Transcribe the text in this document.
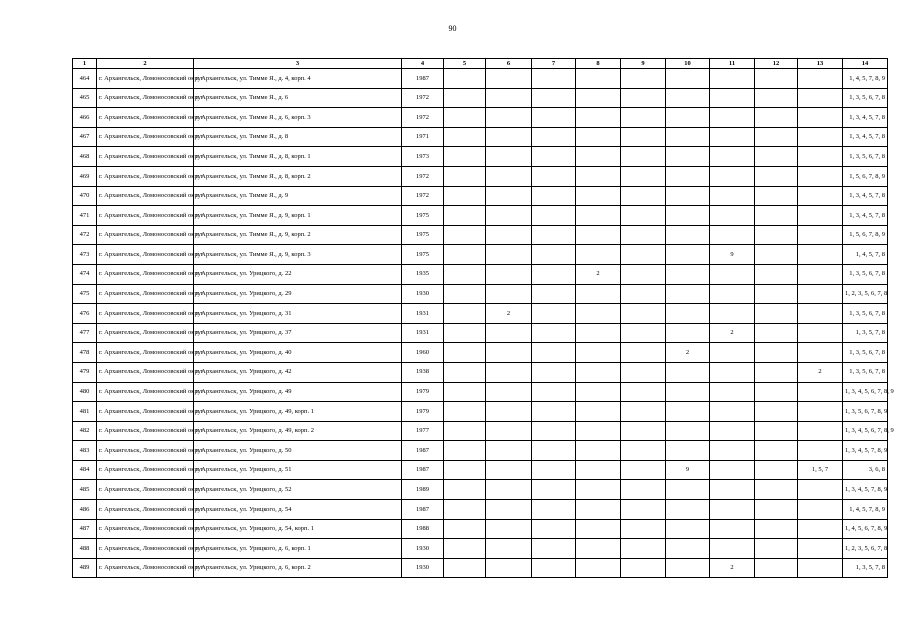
90
1	2	3	4	5	6	7	8	9	10	11	12	13	14
464	г. Архангельск, Ломоносовский округ	г. Архангельск, ул. Тимме Я., д. 4, корп. 4	1987										1, 4, 5, 7, 8, 9
465	г. Архангельск, Ломоносовский округ	г. Архангельск, ул. Тимме Я., д. 6	1972										1, 3, 5, 6, 7, 8
466	г. Архангельск, Ломоносовский округ	г. Архангельск, ул. Тимме Я., д. 6, корп. 3	1972										1, 3, 4, 5, 7, 8
467	г. Архангельск, Ломоносовский округ	г. Архангельск, ул. Тимме Я., д. 8	1971										1, 3, 4, 5, 7, 8
468	г. Архангельск, Ломоносовский округ	г. Архангельск, ул. Тимме Я., д. 8, корп. 1	1973										1, 3, 5, 6, 7, 8
469	г. Архангельск, Ломоносовский округ	г. Архангельск, ул. Тимме Я., д. 8, корп. 2	1972										1, 5, 6, 7, 8, 9
470	г. Архангельск, Ломоносовский округ	г. Архангельск, ул. Тимме Я., д. 9	1972										1, 3, 4, 5, 7, 8
471	г. Архангельск, Ломоносовский округ	г. Архангельск, ул. Тимме Я., д. 9, корп. 1	1975										1, 3, 4, 5, 7, 8
472	г. Архангельск, Ломоносовский округ	г. Архангельск, ул. Тимме Я., д. 9, корп. 2	1975										1, 5, 6, 7, 8, 9
473	г. Архангельск, Ломоносовский округ	г. Архангельск, ул. Тимме Я., д. 9, корп. 3	1975							9			1, 4, 5, 7, 8
474	г. Архангельск, Ломоносовский округ	г. Архангельск, ул. Урицкого, д. 22	1935				2						1, 3, 5, 6, 7, 8
475	г. Архангельск, Ломоносовский округ	г. Архангельск, ул. Урицкого, д. 29	1930										1, 2, 3, 5, 6, 7, 8
476	г. Архангельск, Ломоносовский округ	г. Архангельск, ул. Урицкого, д. 31	1931		2								1, 3, 5, 6, 7, 8
477	г. Архангельск, Ломоносовский округ	г. Архангельск, ул. Урицкого, д. 37	1931							2			1, 3, 5, 7, 8
478	г. Архангельск, Ломоносовский округ	г. Архангельск, ул. Урицкого, д. 40	1960						2				1, 3, 5, 6, 7, 8
479	г. Архангельск, Ломоносовский округ	г. Архангельск, ул. Урицкого, д. 42	1938									2	1, 3, 5, 6, 7, 8
480	г. Архангельск, Ломоносовский округ	г. Архангельск, ул. Урицкого, д. 49	1979										1, 3, 4, 5, 6, 7, 8, 9
481	г. Архангельск, Ломоносовский округ	г. Архангельск, ул. Урицкого, д. 49, корп. 1	1979										1, 3, 5, 6, 7, 8, 9
482	г. Архангельск, Ломоносовский округ	г. Архангельск, ул. Урицкого, д. 49, корп. 2	1977										1, 3, 4, 5, 6, 7, 8, 9
483	г. Архангельск, Ломоносовский округ	г. Архангельск, ул. Урицкого, д. 50	1987										1, 3, 4, 5, 7, 8, 9
484	г. Архангельск, Ломоносовский округ	г. Архангельск, ул. Урицкого, д. 51	1987						9			1, 5, 7	3, 6, 8
485	г. Архангельск, Ломоносовский округ	г. Архангельск, ул. Урицкого, д. 52	1989										1, 3, 4, 5, 7, 8, 9
486	г. Архангельск, Ломоносовский округ	г. Архангельск, ул. Урицкого, д. 54	1987										1, 4, 5, 7, 8, 9
487	г. Архангельск, Ломоносовский округ	г. Архангельск, ул. Урицкого, д. 54, корп. 1	1988										1, 4, 5, 6, 7, 8, 9
488	г. Архангельск, Ломоносовский округ	г. Архангельск, ул. Урицкого, д. 6, корп. 1	1930										1, 2, 3, 5, 6, 7, 8
489	г. Архангельск, Ломоносовский округ	г. Архангельск, ул. Урицкого, д. 6, корп. 2	1930							2			1, 3, 5, 7, 8
